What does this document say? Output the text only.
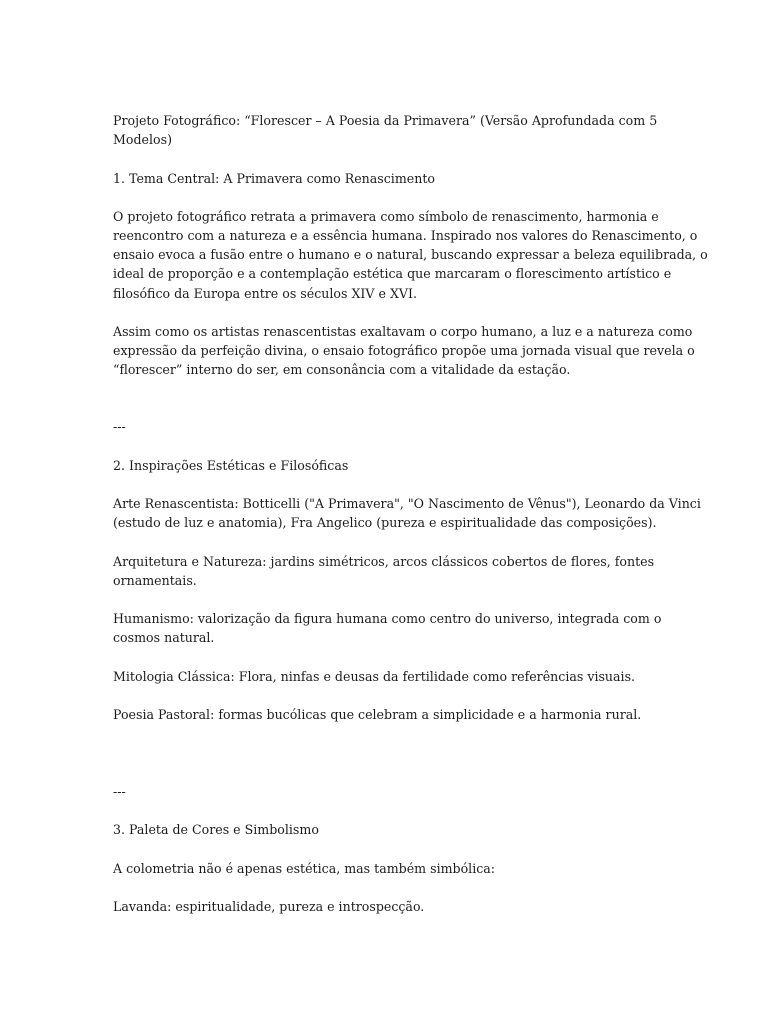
Projeto Fotográfico: “Florescer – A Poesia da Primavera” (Versão Aprofundada com 5

Modelos)

1. Tema Central: A Primavera como Renascimento

O projeto fotográfico retrata a primavera como símbolo de renascimento, harmonia e

reencontro com a natureza e a essência humana. Inspirado nos valores do Renascimento, o

ensaio evoca a fusão entre o humano e o natural, buscando expressar a beleza equilibrada, o

ideal de proporção e a contemplação estética que marcaram o florescimento artístico e

filosófico da Europa entre os séculos XIV e XVI.

Assim como os artistas renascentistas exaltavam o corpo humano, a luz e a natureza como

expressão da perfeição divina, o ensaio fotográfico propõe uma jornada visual que revela o

“florescer” interno do ser, em consonância com a vitalidade da estação.

---

2. Inspirações Estéticas e Filosóficas

Arte Renascentista: Botticelli ("A Primavera", "O Nascimento de Vênus"), Leonardo da Vinci

(estudo de luz e anatomia), Fra Angelico (pureza e espiritualidade das composições).

Arquitetura e Natureza: jardins simétricos, arcos clássicos cobertos de flores, fontes

ornamentais.

Humanismo: valorização da figura humana como centro do universo, integrada com o

cosmos natural.

Mitologia Clássica: Flora, ninfas e deusas da fertilidade como referências visuais.

Poesia Pastoral: formas bucólicas que celebram a simplicidade e a harmonia rural.

---

3. Paleta de Cores e Simbolismo

A colometria não é apenas estética, mas também simbólica:

Lavanda: espiritualidade, pureza e introspecção.
